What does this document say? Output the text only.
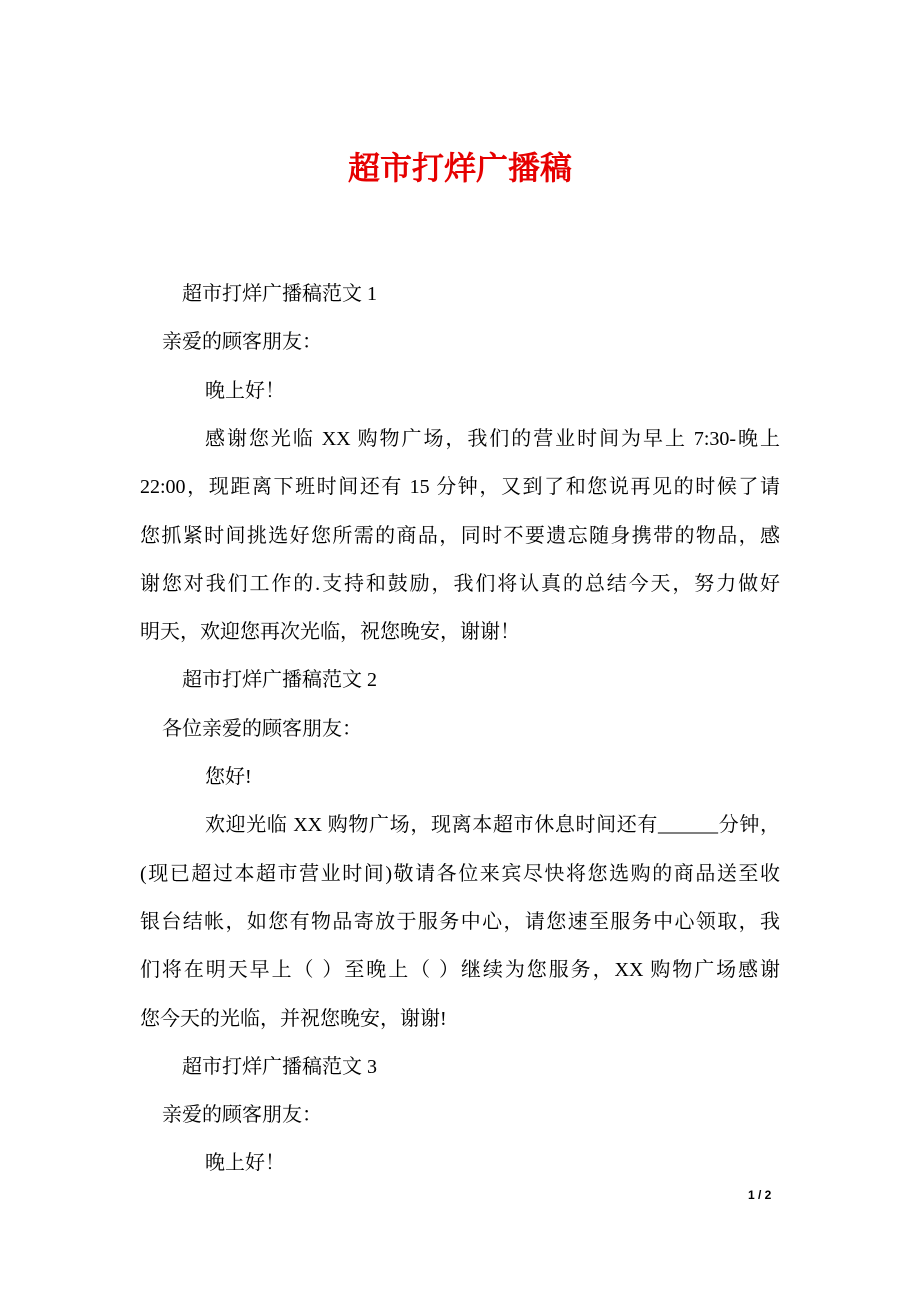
超市打烊广播稿
超市打烊广播稿范文 1
亲爱的顾客朋友：
晚上好！
感谢您光临 XX 购物广场，我们的营业时间为早上 7:30-晚上
22:00，现距离下班时间还有 15 分钟，又到了和您说再见的时候了请
您抓紧时间挑选好您所需的商品，同时不要遗忘随身携带的物品，感
谢您对我们工作的.支持和鼓励，我们将认真的总结今天，努力做好
明天，欢迎您再次光临，祝您晚安，谢谢！
超市打烊广播稿范文 2
各位亲爱的顾客朋友：
您好!
欢迎光临 XX 购物广场，现离本超市休息时间还有______分钟，
(现已超过本超市营业时间)敬请各位来宾尽快将您选购的商品送至收
银台结帐，如您有物品寄放于服务中心，请您速至服务中心领取，我
们将在明天早上（ ）至晚上（ ）继续为您服务，XX 购物广场感谢
您今天的光临，并祝您晚安，谢谢!
超市打烊广播稿范文 3
亲爱的顾客朋友：
晚上好！
1 / 2
